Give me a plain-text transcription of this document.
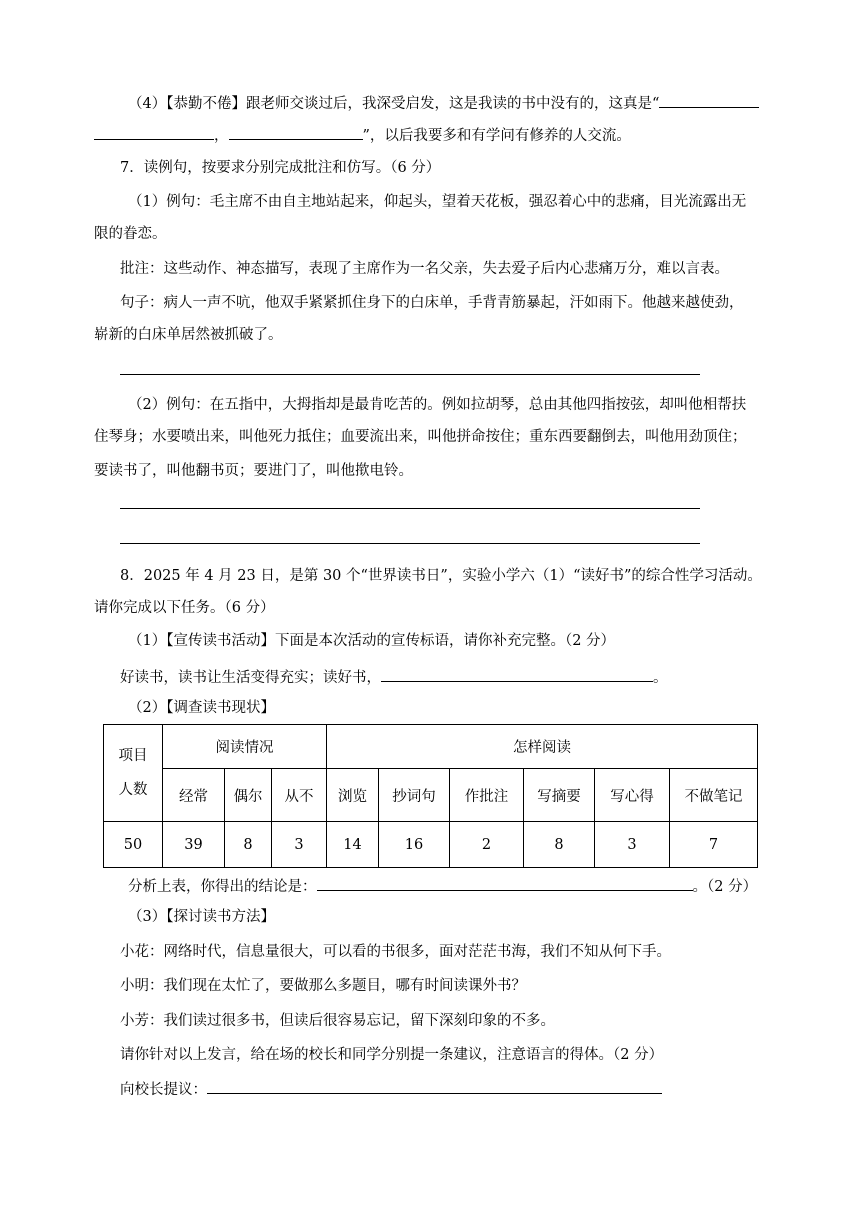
（4）【恭勤不倦】跟老师交谈过后，我深受启发，这是我读的书中没有的，这真是“
，	”，以后我要多和有学问有修养的人交流。
7．读例句，按要求分别完成批注和仿写。（6 分）
（1）例句：毛主席不由自主地站起来，仰起头，望着天花板，强忍着心中的悲痛，目光流露出无
限的眷恋。
批注：这些动作、神态描写，表现了主席作为一名父亲，失去爱子后内心悲痛万分，难以言表。
句子：病人一声不吭，他双手紧紧抓住身下的白床单，手背青筋暴起，汗如雨下。他越来越使劲，
崭新的白床单居然被抓破了。
（2）例句：在五指中，大拇指却是最肯吃苦的。例如拉胡琴，总由其他四指按弦，却叫他相帮扶
住琴身；水要喷出来，叫他死力抵住；血要流出来，叫他拼命按住；重东西要翻倒去，叫他用劲顶住；
要读书了，叫他翻书页；要进门了，叫他揿电铃。
8．2025 年 4 月 23 日，是第 30 个“世界读书日”，实验小学六（1）“读好书”的综合性学习活动。
请你完成以下任务。（6 分）
（1）【宣传读书活动】下面是本次活动的宣传标语，请你补充完整。（2 分）
好读书，读书让生活变得充实；读好书，	。
（2）【调查读书现状】
项目
人数	阅读情况			怎样阅读					
	经常	偶尔	从不	浏览	抄词句	作批注	写摘要	写心得	不做笔记
50	39	8	3	14	16	2	8	3	7
分析上表，你得出的结论是：	。（2 分）
（3）【探讨读书方法】
小花：网络时代，信息量很大，可以看的书很多，面对茫茫书海，我们不知从何下手。
小明：我们现在太忙了，要做那么多题目，哪有时间读课外书？
小芳：我们读过很多书，但读后很容易忘记，留下深刻印象的不多。
请你针对以上发言，给在场的校长和同学分别提一条建议，注意语言的得体。（2 分）
向校长提议：
